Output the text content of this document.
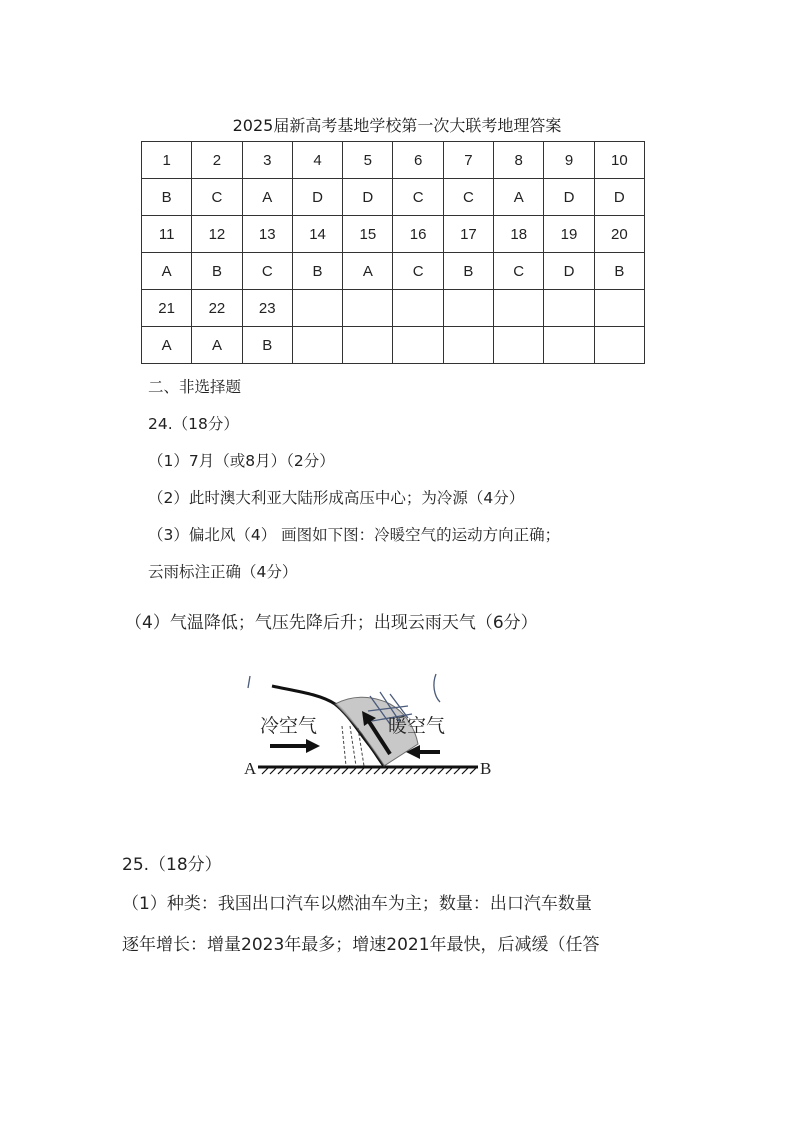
2025届新高考基地学校第一次大联考地理答案
1	2	3	4	5	6	7	8	9	10
B	C	A	D	D	C	C	A	D	D
11	12	13	14	15	16	17	18	19	20
A	B	C	B	A	C	B	C	D	B
21	22	23							
A	A	B							
二、非选择题
24.（18分）
（1）7月（或8月）（2分）
（2）此时澳大利亚大陆形成高压中心；为冷源（4分）
（3）偏北风（4） 画图如下图：冷暖空气的运动方向正确；
云雨标注正确（4分）
（4）气温降低；气压先降后升；出现云雨天气（6分）
冷空气	暖空气
A	B
25.（18分）
（1）种类：我国出口汽车以燃油车为主；数量：出口汽车数量
逐年增长：增量2023年最多；增速2021年最快，后减缓（任答
